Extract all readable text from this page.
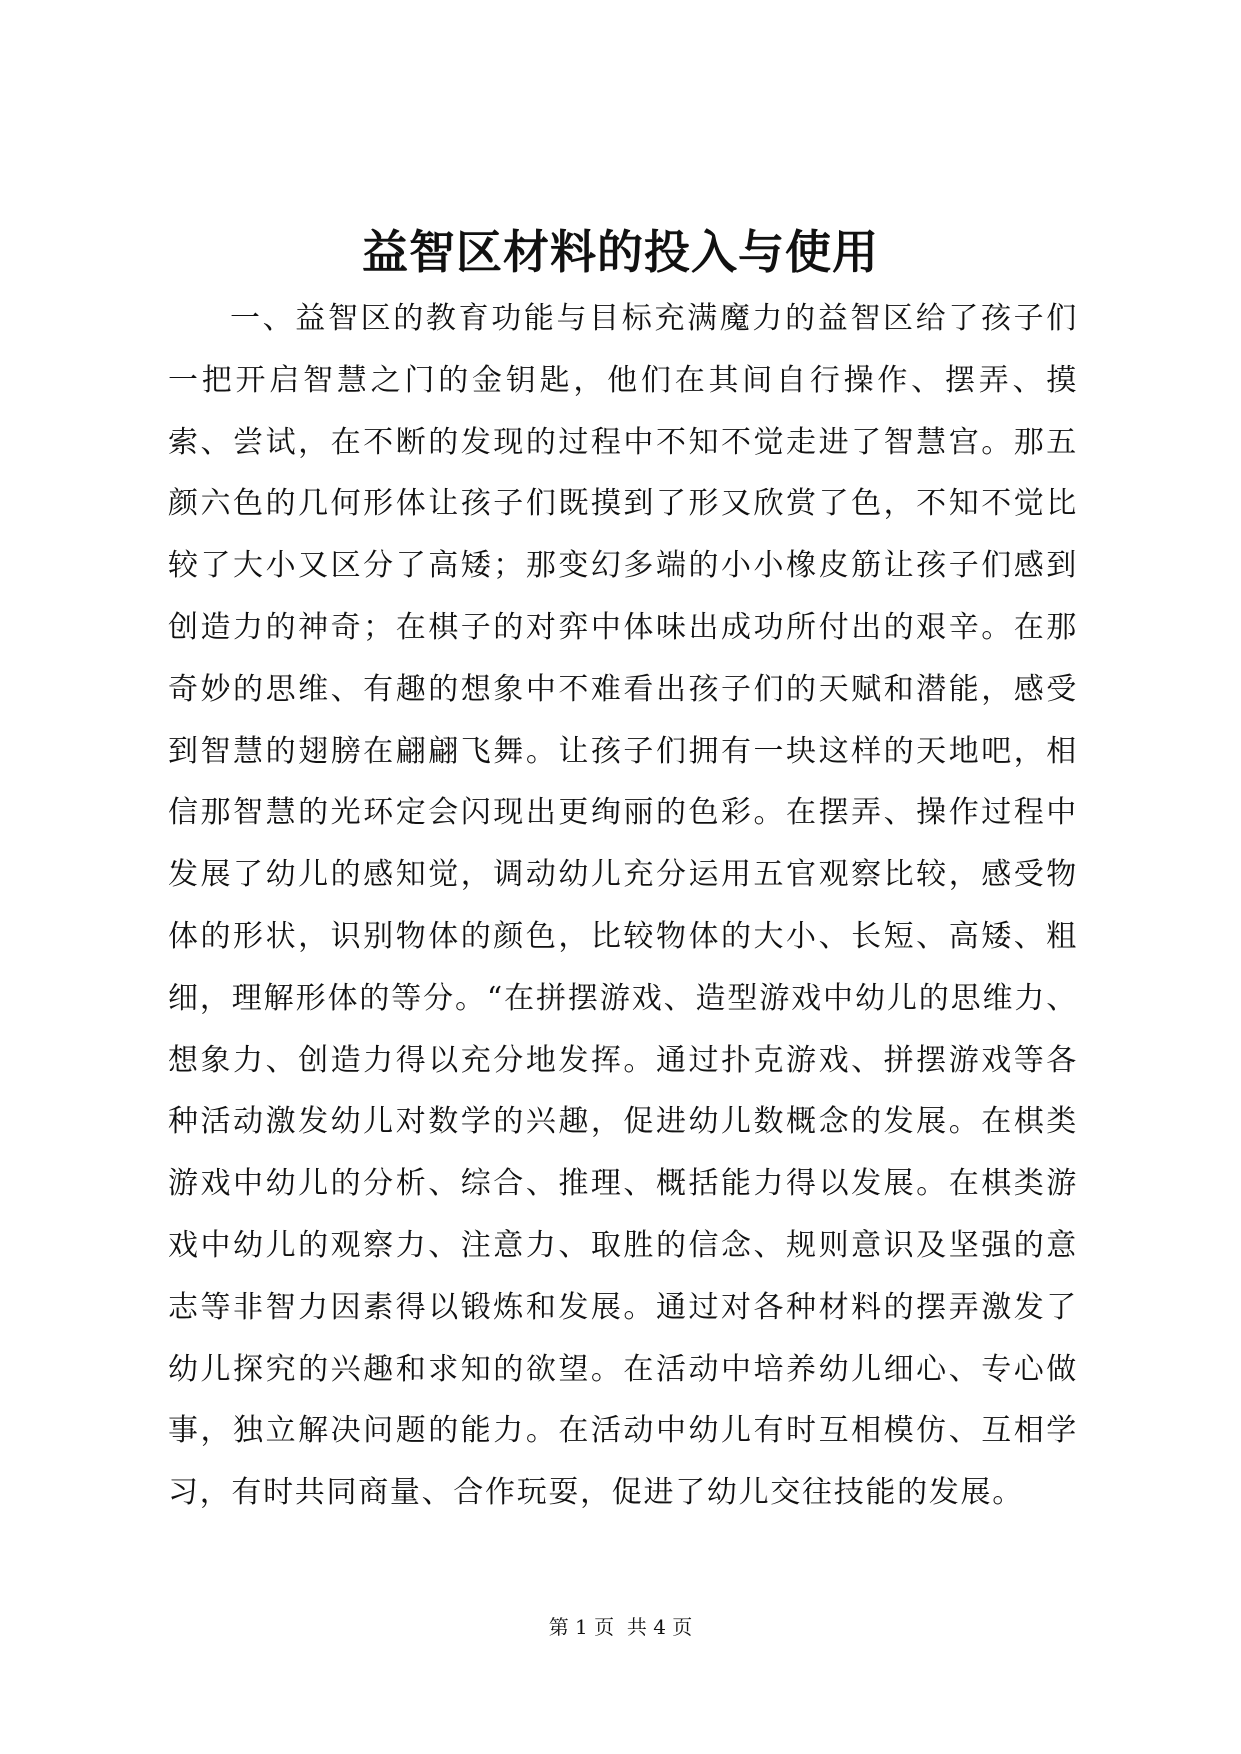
益智区材料的投入与使用

一、益智区的教育功能与目标充满魔力的益智区给了孩子们一把开启智慧之门的金钥匙，他们在其间自行操作、摆弄、摸索、尝试，在不断的发现的过程中不知不觉走进了智慧宫。那五颜六色的几何形体让孩子们既摸到了形又欣赏了色，不知不觉比较了大小又区分了高矮；那变幻多端的小小橡皮筋让孩子们感到创造力的神奇；在棋子的对弈中体味出成功所付出的艰辛。在那奇妙的思维、有趣的想象中不难看出孩子们的天赋和潜能，感受到智慧的翅膀在翩翩飞舞。让孩子们拥有一块这样的天地吧，相信那智慧的光环定会闪现出更绚丽的色彩。在摆弄、操作过程中发展了幼儿的感知觉，调动幼儿充分运用五官观察比较，感受物体的形状，识别物体的颜色，比较物体的大小、长短、高矮、粗细，理解形体的等分。“在拼摆游戏、造型游戏中幼儿的思维力、想象力、创造力得以充分地发挥。通过扑克游戏、拼摆游戏等各种活动激发幼儿对数学的兴趣，促进幼儿数概念的发展。在棋类游戏中幼儿的分析、综合、推理、概括能力得以发展。在棋类游戏中幼儿的观察力、注意力、取胜的信念、规则意识及坚强的意志等非智力因素得以锻炼和发展。通过对各种材料的摆弄激发了幼儿探究的兴趣和求知的欲望。在活动中培养幼儿细心、专心做事，独立解决问题的能力。在活动中幼儿有时互相模仿、互相学习，有时共同商量、合作玩耍，促进了幼儿交往技能的发展。

第 1 页  共 4 页
